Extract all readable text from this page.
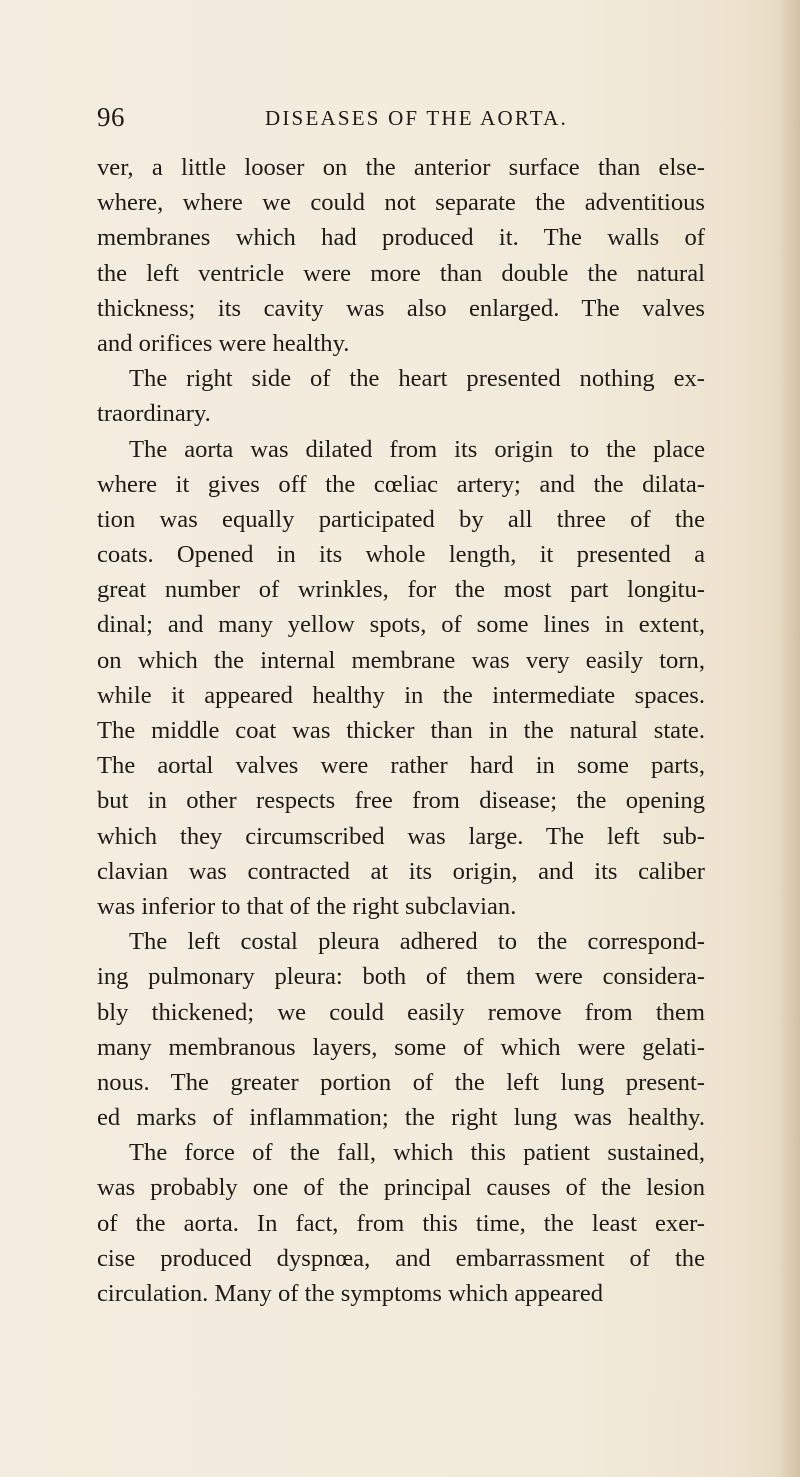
96	DISEASES OF THE AORTA.
ver, a little looser on the anterior surface than else-
where, where we could not separate the adventitious
membranes which had produced it. The walls of
the left ventricle were more than double the natural
thickness; its cavity was also enlarged. The valves
and orifices were healthy.
The right side of the heart presented nothing ex-
traordinary.
The aorta was dilated from its origin to the place
where it gives off the cœliac artery; and the dilata-
tion was equally participated by all three of the
coats. Opened in its whole length, it presented a
great number of wrinkles, for the most part longitu-
dinal; and many yellow spots, of some lines in extent,
on which the internal membrane was very easily torn,
while it appeared healthy in the intermediate spaces.
The middle coat was thicker than in the natural state.
The aortal valves were rather hard in some parts,
but in other respects free from disease; the opening
which they circumscribed was large. The left sub-
clavian was contracted at its origin, and its caliber
was inferior to that of the right subclavian.
The left costal pleura adhered to the correspond-
ing pulmonary pleura: both of them were considera-
bly thickened; we could easily remove from them
many membranous layers, some of which were gelati-
nous. The greater portion of the left lung present-
ed marks of inflammation; the right lung was healthy.
The force of the fall, which this patient sustained,
was probably one of the principal causes of the lesion
of the aorta. In fact, from this time, the least exer-
cise produced dyspnœa, and embarrassment of the
circulation. Many of the symptoms which appeared
